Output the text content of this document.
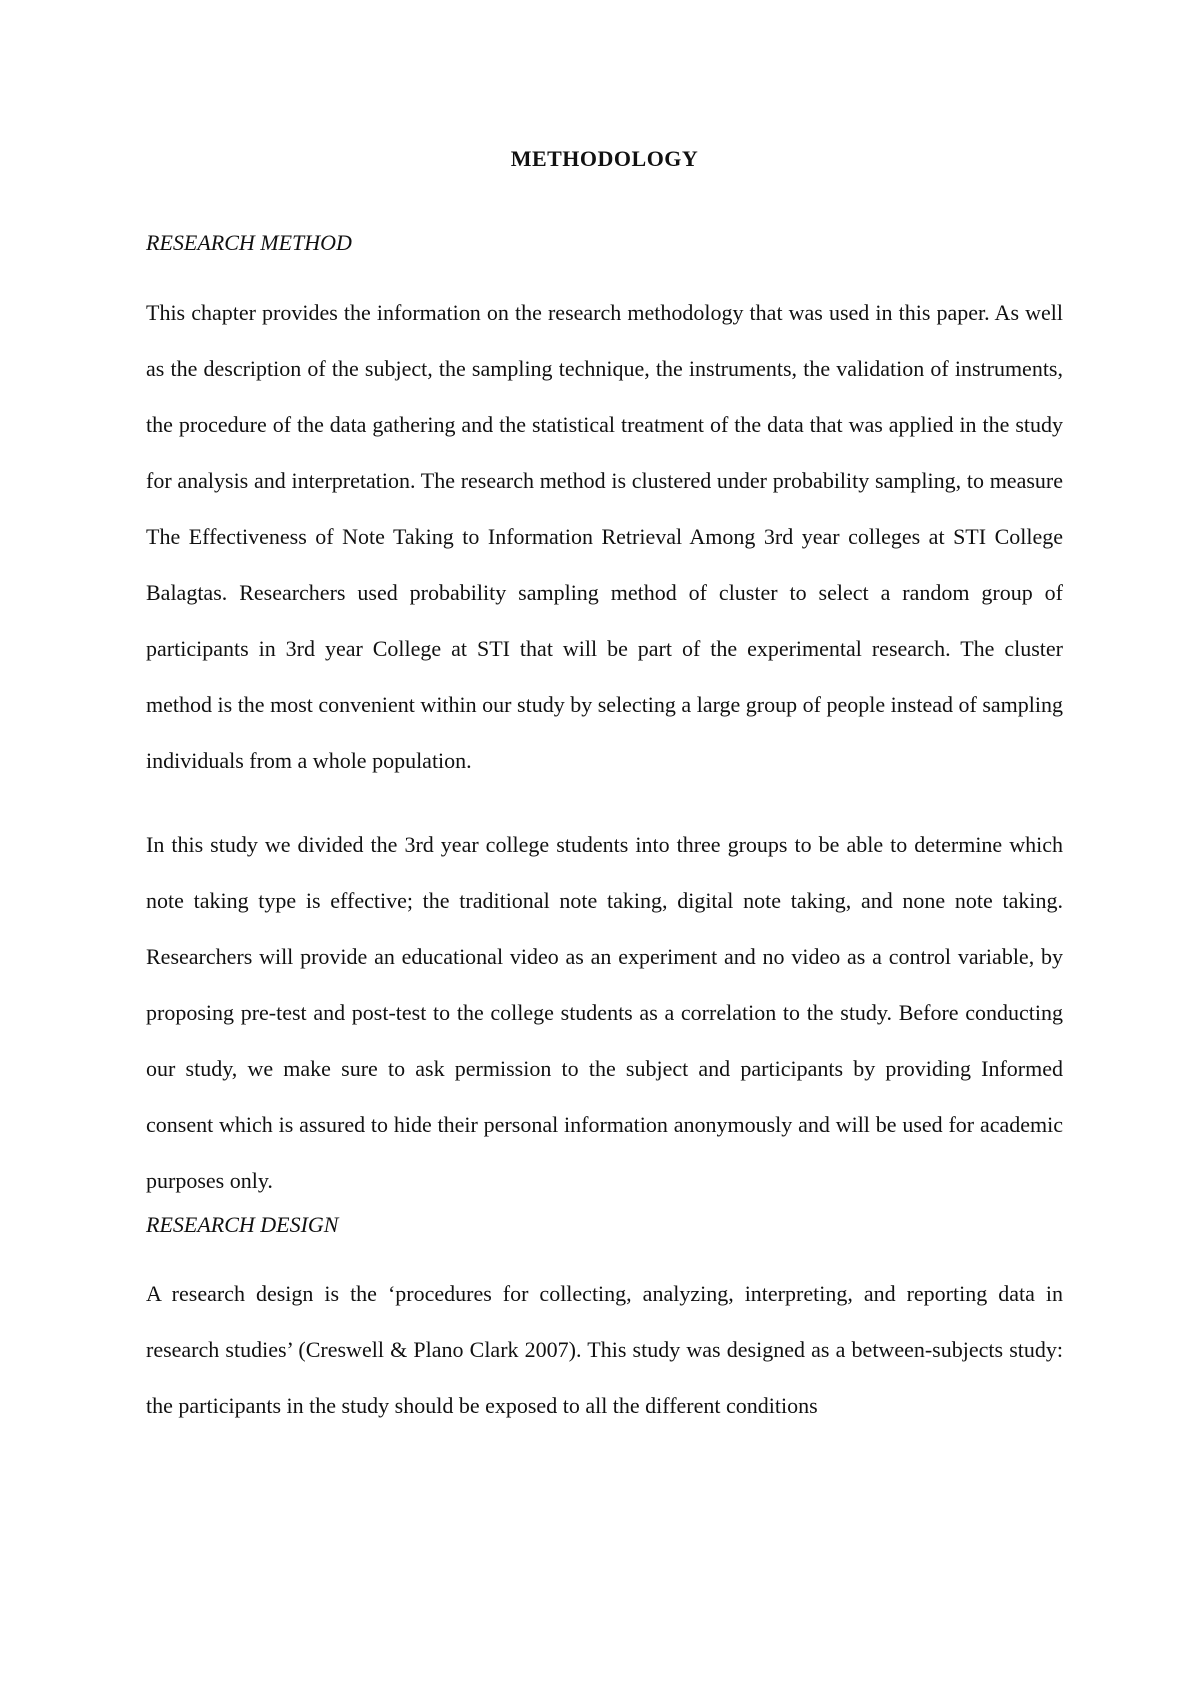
METHODOLOGY
RESEARCH METHOD

This chapter provides the information on the research methodology that was used in this paper. As well as the description of the subject, the sampling technique, the instruments, the validation of instruments, the procedure of the data gathering and the statistical treatment of the data that was applied in the study for analysis and interpretation. The research method is clustered under probability sampling, to measure The Effectiveness of Note Taking to Information Retrieval Among 3rd year colleges at STI College Balagtas. Researchers used probability sampling method of cluster to select a random group of participants in 3rd year College at STI that will be part of the experimental research. The cluster method is the most convenient within our study by selecting a large group of people instead of sampling individuals from a whole population.

In this study we divided the 3rd year college students into three groups to be able to determine which note taking type is effective; the traditional note taking, digital note taking, and none note taking. Researchers will provide an educational video as an experiment and no video as a control variable, by proposing pre-test and post-test to the college students as a correlation to the study. Before conducting our study, we make sure to ask permission to the subject and participants by providing Informed consent which is assured to hide their personal information anonymously and will be used for academic purposes only.

RESEARCH DESIGN

A research design is the ‘procedures for collecting, analyzing, interpreting, and reporting data in research studies’ (Creswell & Plano Clark 2007). This study was designed as a between-subjects study: the participants in the study should be exposed to all the different conditions
